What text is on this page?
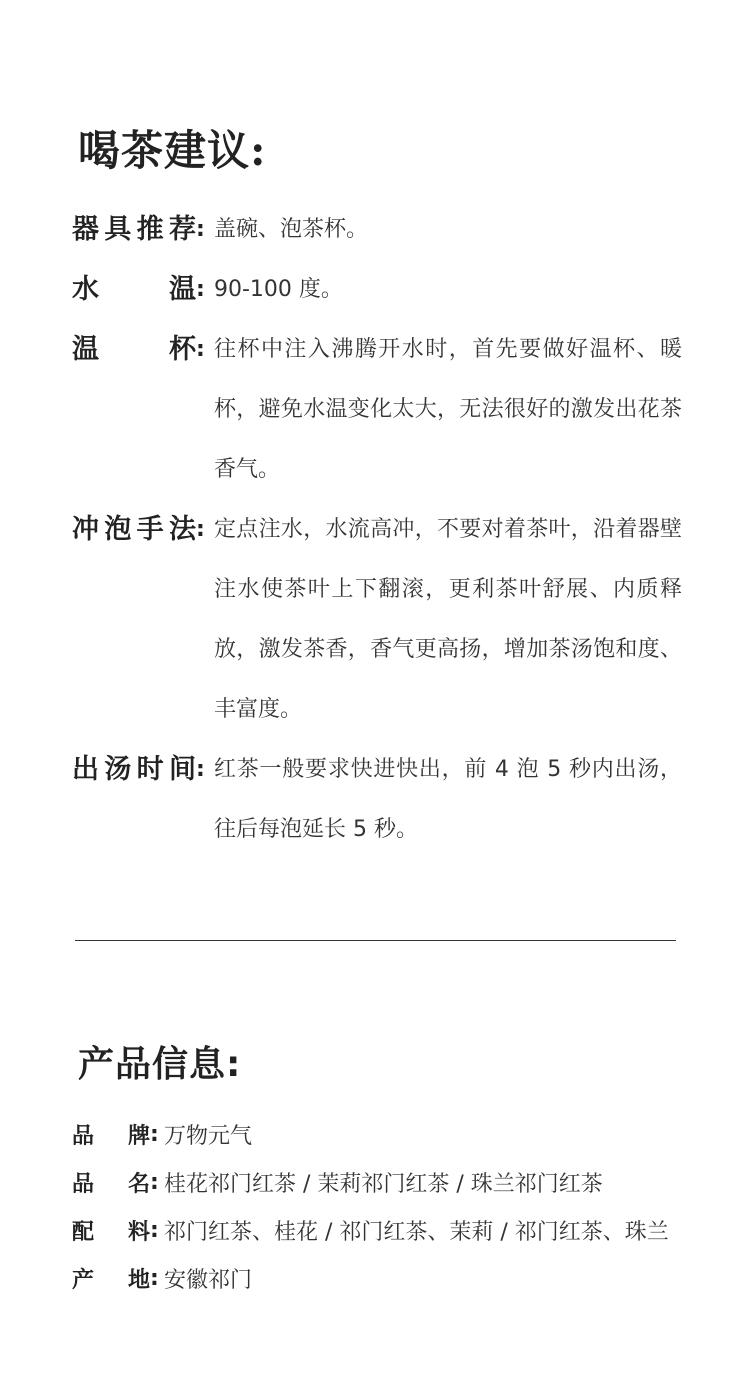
喝茶建议:
器 具 推 荐 : 盖碗、泡茶杯。
水	温 : 90-100 度。
温	杯 : 往杯中注入沸腾开水时，首先要做好温杯、暖杯，避免水温变化太大，无法很好的激发出花茶香气。
冲 泡 手 法 : 定点注水，水流高冲，不要对着茶叶，沿着器壁注水使茶叶上下翻滚，更利茶叶舒展、内质释放，激发茶香，香气更高扬，增加茶汤饱和度、丰富度。
出 汤 时 间 : 红茶一般要求快进快出，前 4 泡 5 秒内出汤，往后每泡延长 5 秒。
产品信息:
品 牌 : 万物元气
品 名 : 桂花祁门红茶 / 茉莉祁门红茶 / 珠兰祁门红茶
配 料 : 祁门红茶、桂花 / 祁门红茶、茉莉 / 祁门红茶、珠兰
产 地 : 安徽祁门
